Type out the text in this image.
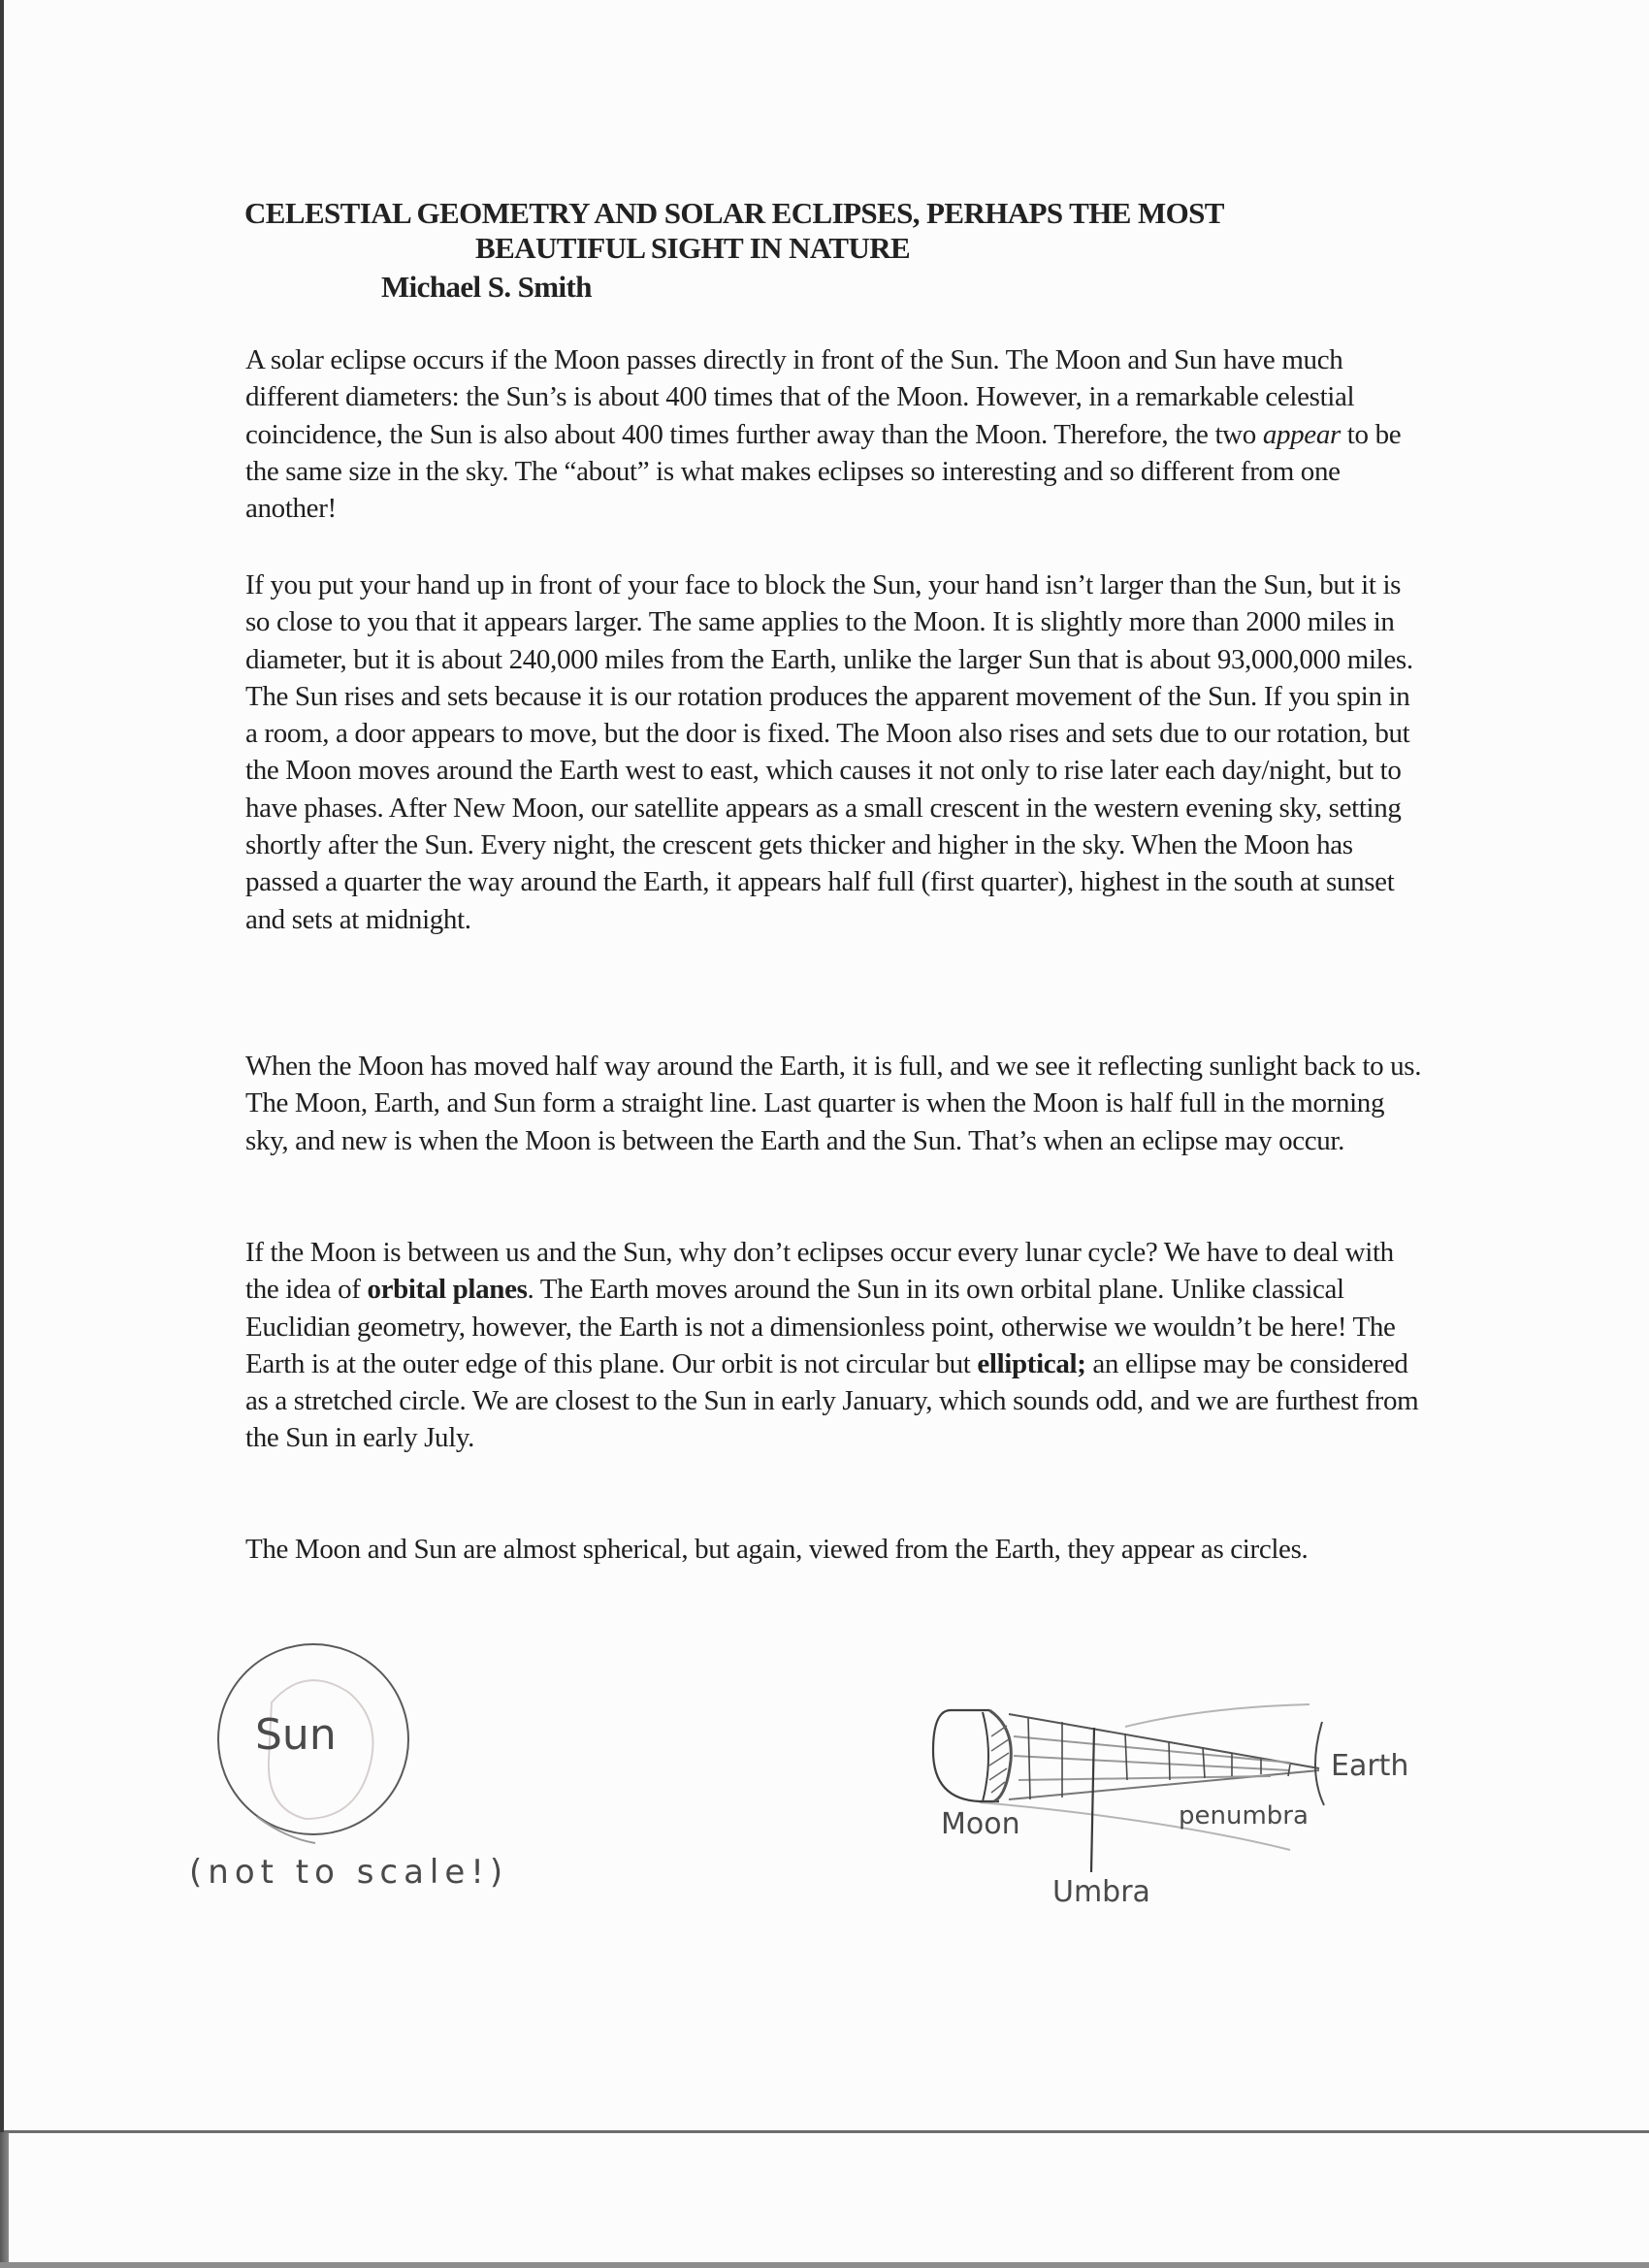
CELESTIAL GEOMETRY AND SOLAR ECLIPSES, PERHAPS THE MOST
BEAUTIFUL SIGHT IN NATURE
Michael S. Smith

A solar eclipse occurs if the Moon passes directly in front of the Sun. The Moon and Sun have much different diameters: the Sun’s is about 400 times that of the Moon. However, in a remarkable celestial coincidence, the Sun is also about 400 times further away than the Moon. Therefore, the two appear to be the same size in the sky. The “about” is what makes eclipses so interesting and so different from one another!

If you put your hand up in front of your face to block the Sun, your hand isn’t larger than the Sun, but it is so close to you that it appears larger. The same applies to the Moon. It is slightly more than 2000 miles in diameter, but it is about 240,000 miles from the Earth, unlike the larger Sun that is about 93,000,000 miles. The Sun rises and sets because it is our rotation produces the apparent movement of the Sun. If you spin in a room, a door appears to move, but the door is fixed. The Moon also rises and sets due to our rotation, but the Moon moves around the Earth west to east, which causes it not only to rise later each day/night, but to have phases. After New Moon, our satellite appears as a small crescent in the western evening sky, setting shortly after the Sun. Every night, the crescent gets thicker and higher in the sky. When the Moon has passed a quarter the way around the Earth, it appears half full (first quarter), highest in the south at sunset and sets at midnight.

When the Moon has moved half way around the Earth, it is full, and we see it reflecting sunlight back to us. The Moon, Earth, and Sun form a straight line. Last quarter is when the Moon is half full in the morning sky, and new is when the Moon is between the Earth and the Sun. That’s when an eclipse may occur.

If the Moon is between us and the Sun, why don’t eclipses occur every lunar cycle? We have to deal with the idea of orbital planes. The Earth moves around the Sun in its own orbital plane. Unlike classical Euclidian geometry, however, the Earth is not a dimensionless point, otherwise we wouldn’t be here! The Earth is at the outer edge of this plane. Our orbit is not circular but elliptical; an ellipse may be considered as a stretched circle. We are closest to the Sun in early January, which sounds odd, and we are furthest from the Sun in early July.

The Moon and Sun are almost spherical, but again, viewed from the Earth, they appear as circles.

Sun
(not to scale!)
Earth
Moon	penumbra
Umbra
